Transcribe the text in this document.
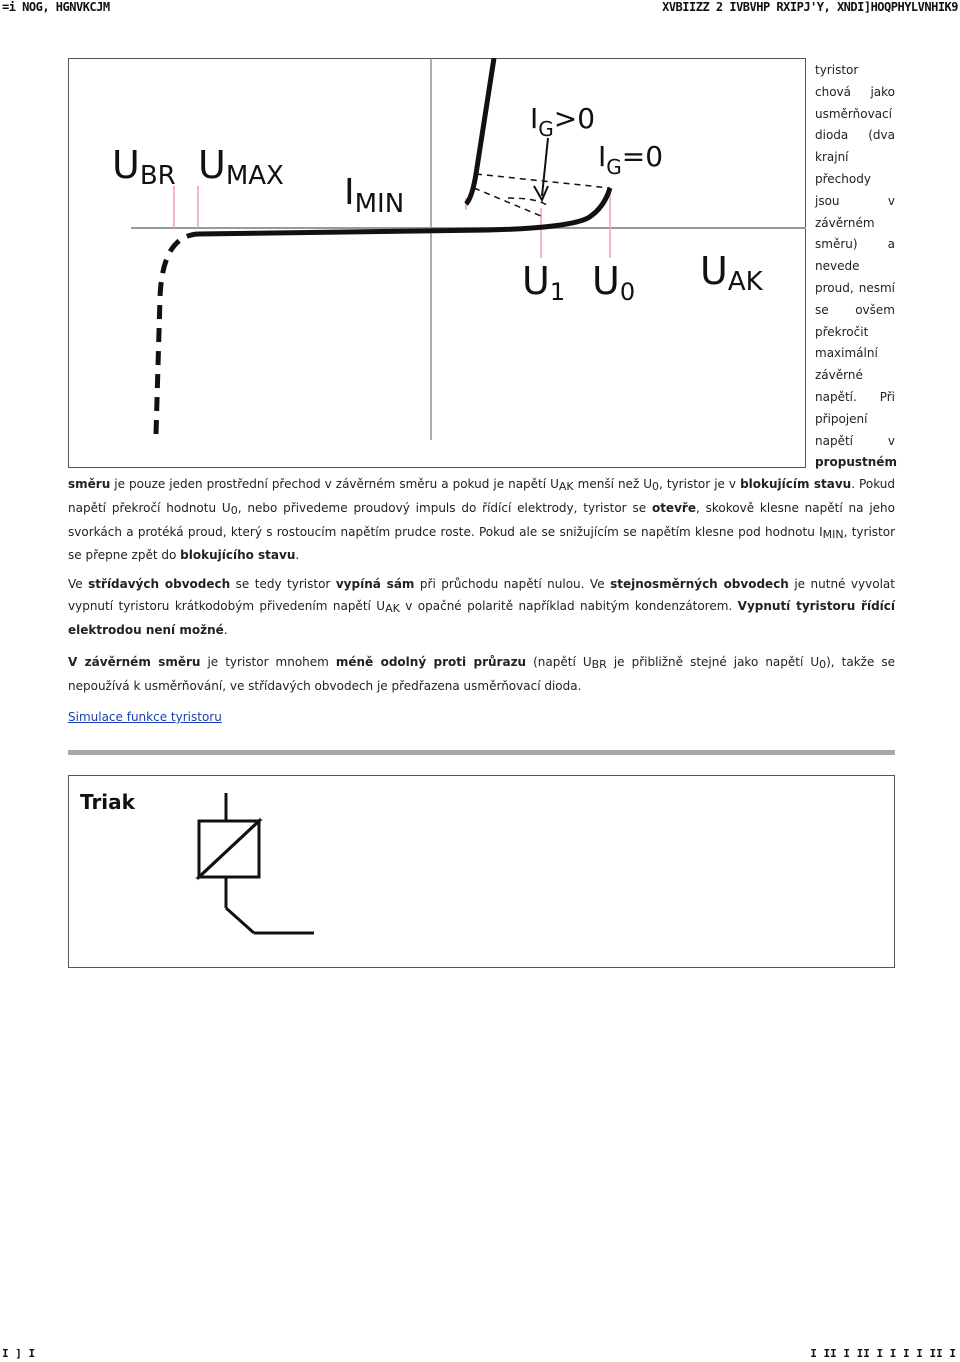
=i NOG, HGNVKCJM	XVBIIZZ 2 IVBVHP RXIPJ'Y, XNDI]HOQPHYLVNHIK9
UBR UMAX $I_{MIN}$
$I_G>0$
$I_G=0$
U1 U0 UAK
tyristor
chová jako
usměrňovací
dioda (dva
krajní
přechody
jsou	v
závěrném
směru)	a
nevede
proud, nesmí
se ovšem
překročit
maximální
závěrné
napětí. Při
připojení
napětí	v
propustném
směru je pouze jeden prostřední přechod v závěrném směru a pokud je napětí UAK menší než U0, tyristor je v blokujícím stavu. Pokud napětí překročí hodnotu U0, nebo přivedeme proudový impuls do řídící elektrody, tyristor se otevře, skokově klesne napětí na jeho svorkách a protéká proud, který s rostoucím napětím prudce roste. Pokud ale se snižujícím se napětím klesne pod hodnotu IMIN, tyristor se přepne zpět do blokujícího stavu.
Ve střídavých obvodech se tedy tyristor vypíná sám při průchodu napětí nulou. Ve stejnosměrných obvodech je nutné vyvolat vypnutí tyristoru krátkodobým přivedením napětí UAK v opačné polaritě například nabitým kondenzátorem. Vypnutí tyristoru řídící elektrodou není možné.
V závěrném směru je tyristor mnohem méně odolný proti průrazu (napětí UBR je přibližně stejné jako napětí U0), takže se nepoužívá k usměrňování, ve střídavých obvodech je předřazena usměrňovací dioda.
Simulace funkce tyristoru
Triak
I ] I	I II I II I I I I II I
